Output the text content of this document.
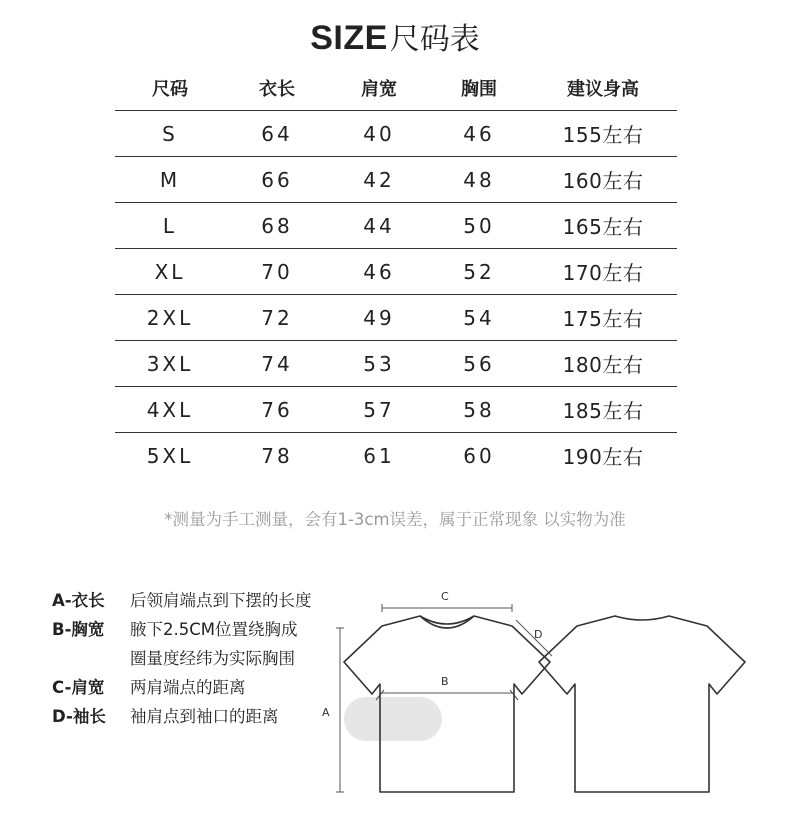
SIZE尺码表
尺码	衣长	肩宽	胸围	建议身高
S	64	40	46	155左右
M	66	42	48	160左右
L	68	44	50	165左右
XL	70	46	52	170左右
2XL	72	49	54	175左右
3XL	74	53	56	180左右
4XL	76	57	58	185左右
5XL	78	61	60	190左右
*测量为手工测量，会有1-3cm误差，属于正常现象 以实物为准
A-衣长	后领肩端点到下摆的长度
B-胸宽	腋下2.5CM位置绕胸成圈量度经纬为实际胸围
C-肩宽	两肩端点的距离
D-袖长	袖肩点到袖口的距离
C
D
B
A
